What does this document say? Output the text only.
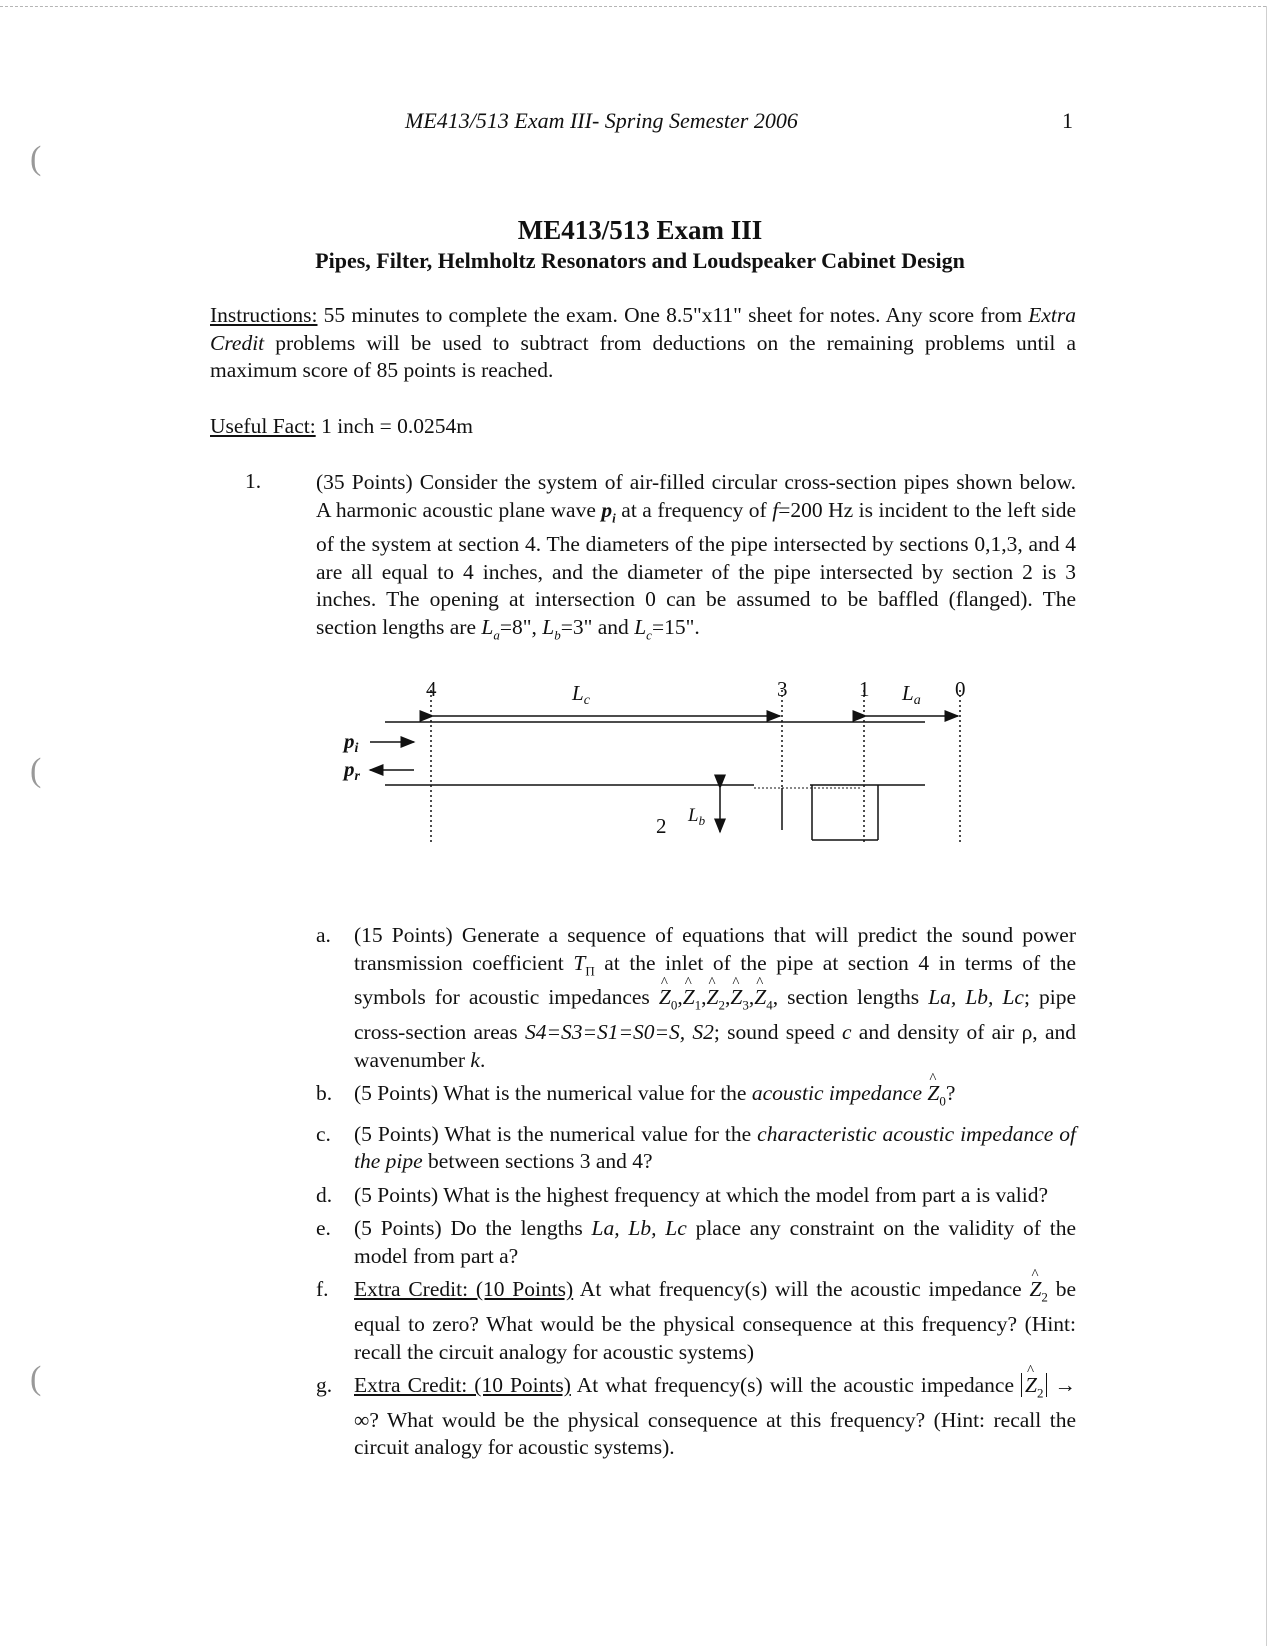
(
(
(
ME413/513 Exam III- Spring Semester 2006	1
ME413/513 Exam III
Pipes, Filter, Helmholtz Resonators and Loudspeaker Cabinet Design
Instructions: 55 minutes to complete the exam. One 8.5"x11" sheet for notes. Any score from Extra Credit problems will be used to subtract from deductions on the remaining problems until a maximum score of 85 points is reached.
Useful Fact: 1 inch = 0.0254m
1.	(35 Points) Consider the system of air-filled circular cross-section pipes shown below. A harmonic acoustic plane wave $p_i$ at a frequency of f=200 Hz is incident to the left side of the system at section 4. The diameters of the pipe intersected by sections 0,1,3, and 4 are all equal to 4 inches, and the diameter of the pipe intersected by section 2 is 3 inches. The opening at intersection 0 can be assumed to be baffled (flanged). The section lengths are $L_a=8$", $L_b=3$" and $L_c=15$".
4	3	1	0
2
Lc	La
$L_b$
pi
pr
a.	(15 Points) Generate a sequence of equations that will predict the sound power transmission coefficient $T_\Pi$ at the inlet of the pipe at section 4 in terms of the symbols for acoustic impedances ^ $Z_0,\^{}$ $Z_1,\^{}$ $Z_2,\^{}$ $Z_3,\^{}$ $Z_4$, section lengths La, Lb, Lc; pipe cross-section areas S4=S3=S1=S0=S, S2; sound speed c and density of air ρ, and wavenumber k.
b.	(5 Points) What is the numerical value for the acoustic impedance ^ $Z_0$?
c.	(5 Points) What is the numerical value for the characteristic acoustic impedance of the pipe between sections 3 and 4?
d.	(5 Points) What is the highest frequency at which the model from part a is valid?
e.	(5 Points) Do the lengths La, Lb, Lc place any constraint on the validity of the model from part a?
f.	Extra Credit: (10 Points) At what frequency(s) will the acoustic impedance ^ $Z_2$ be equal to zero? What would be the physical consequence at this frequency? (Hint: recall the circuit analogy for acoustic systems)
g.	Extra Credit: (10 Points) At what frequency(s) will the acoustic impedance ^ $Z_2$ → ∞? What would be the physical consequence at this frequency? (Hint: recall the circuit analogy for acoustic systems).
